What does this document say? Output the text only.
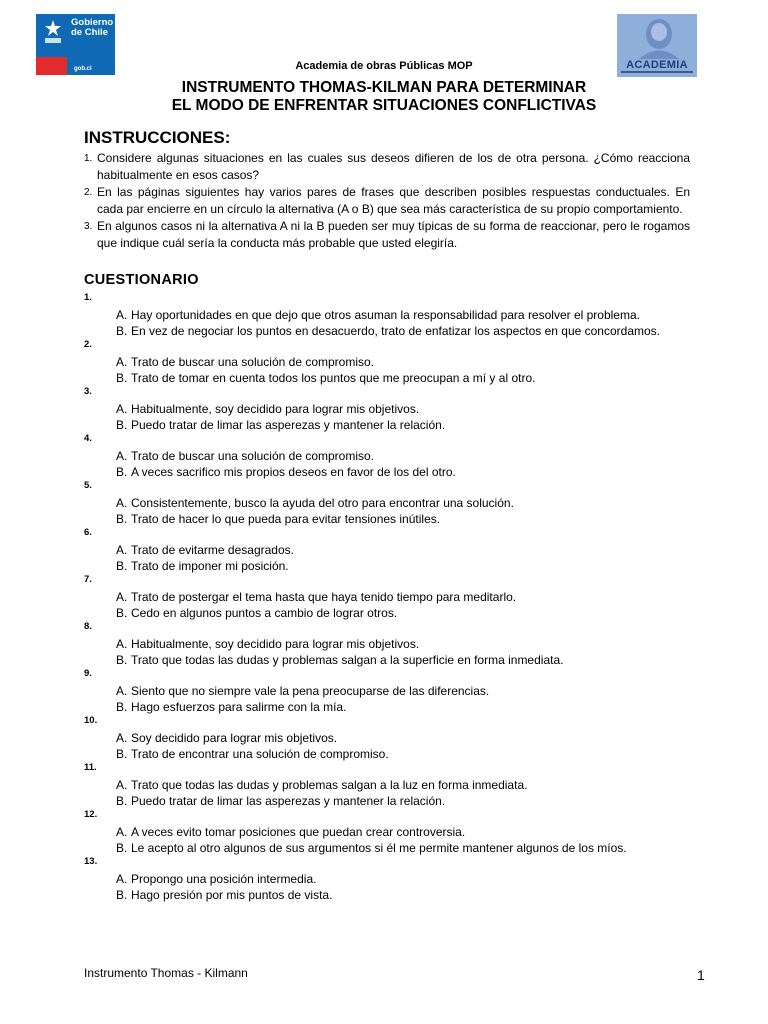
Gobierno de Chile
gob.cl	ACADEMIA
Academia de obras Públicas MOP
INSTRUMENTO THOMAS-KILMAN PARA DETERMINAR
EL MODO DE ENFRENTAR SITUACIONES CONFLICTIVAS
INSTRUCCIONES:
1. Considere algunas situaciones en las cuales sus deseos difieren de los de otra persona. ¿Cómo reacciona habitualmente en esos casos?
2. En las páginas siguientes hay varios pares de frases que describen posibles respuestas conductuales. En cada par encierre en un círculo la alternativa (A o B) que sea más característica de su propio comportamiento.
3. En algunos casos ni la alternativa A ni la B pueden ser muy típicas de su forma de reaccionar, pero le rogamos que indique cuál sería la conducta más probable que usted elegiría.
CUESTIONARIO
1.
A. Hay oportunidades en que dejo que otros asuman la responsabilidad para resolver el problema.
B. En vez de negociar los puntos en desacuerdo, trato de enfatizar los aspectos en que concordamos.
2.
A. Trato de buscar una solución de compromiso.
B. Trato de tomar en cuenta todos los puntos que me preocupan a mí y al otro.
3.
A. Habitualmente, soy decidido para lograr mis objetivos.
B. Puedo tratar de limar las asperezas y mantener la relación.
4.
A. Trato de buscar una solución de compromiso.
B. A veces sacrifico mis propios deseos en favor de los del otro.
5.
A. Consistentemente, busco la ayuda del otro para encontrar una solución.
B. Trato de hacer lo que pueda para evitar tensiones inútiles.
6.
A. Trato de evitarme desagrados.
B. Trato de imponer mi posición.
7.
A. Trato de postergar el tema hasta que haya tenido tiempo para meditarlo.
B. Cedo en algunos puntos a cambio de lograr otros.
8.
A. Habitualmente, soy decidido para lograr mis objetivos.
B. Trato que todas las dudas y problemas salgan a la superficie en forma inmediata.
9.
A. Siento que no siempre vale la pena preocuparse de las diferencias.
B. Hago esfuerzos para salirme con la mía.
10.
A. Soy decidido para lograr mis objetivos.
B. Trato de encontrar una solución de compromiso.
11.
A. Trato que todas las dudas y problemas salgan a la luz en forma inmediata.
B. Puedo tratar de limar las asperezas y mantener la relación.
12.
A. A veces evito tomar posiciones que puedan crear controversia.
B. Le acepto al otro algunos de sus argumentos si él me permite mantener algunos de los míos.
13.
A. Propongo una posición intermedia.
B. Hago presión por mis puntos de vista.
Instrumento Thomas - Kilmann	1
